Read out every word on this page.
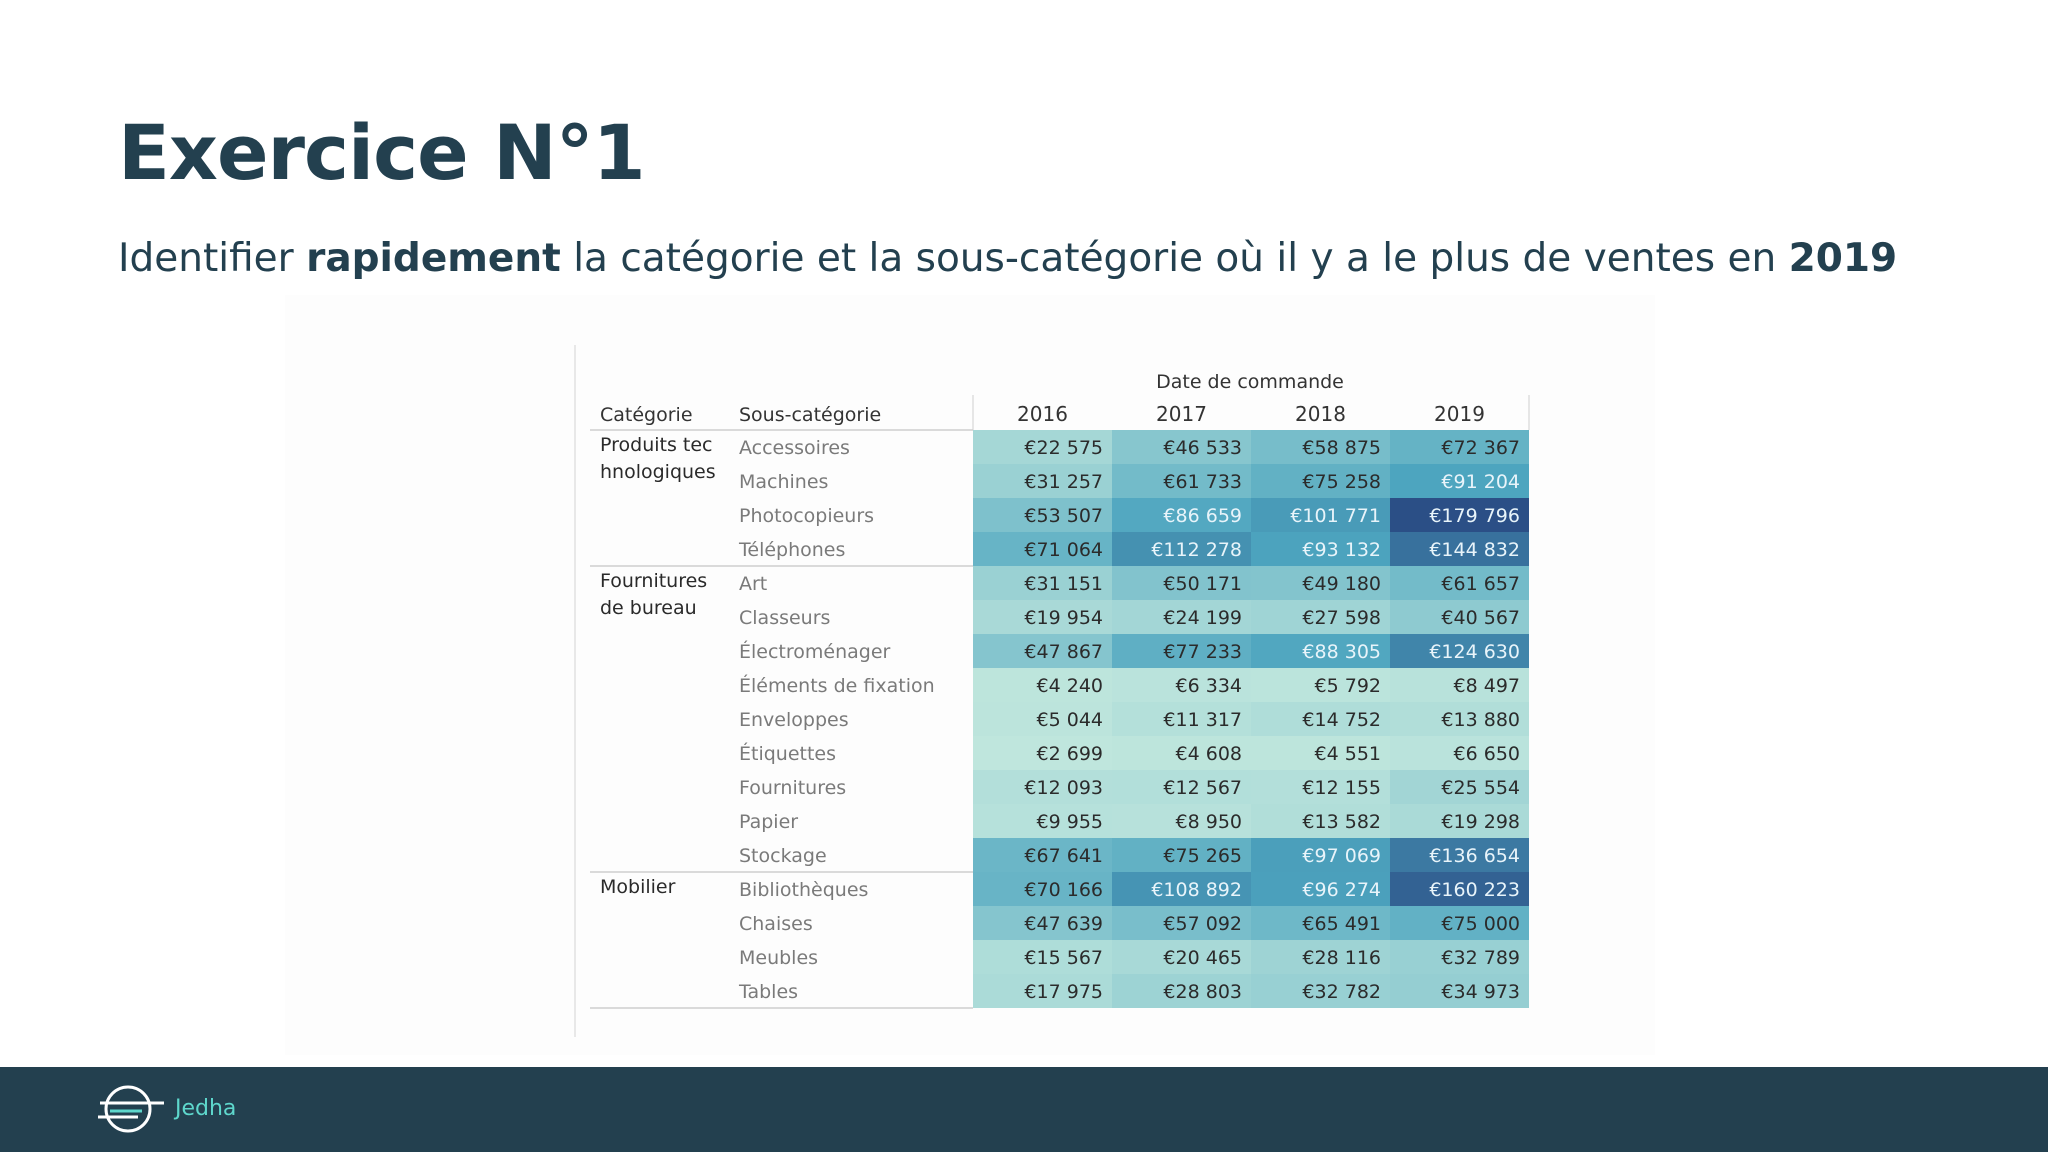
Exercice N°1

Identifier rapidement la catégorie et la sous-catégorie où il y a le plus de ventes en 2019

Date de commande
Catégorie Sous-catégorie	2016	2017	2018	2019
Produits tec
hnologiques
Accessoires	€22 575	€46 533	€58 875	€72 367
Machines	€31 257	€61 733	€75 258	€91 204
Photocopieurs	€53 507	€86 659	€101 771	€179 796
Téléphones	€71 064	€112 278	€93 132	€144 832
Fournitures
de bureau
Art	€31 151	€50 171	€49 180	€61 657
Classeurs	€19 954	€24 199	€27 598	€40 567
Électroménager	€47 867	€77 233	€88 305	€124 630
Éléments de fixation	€4 240	€6 334	€5 792	€8 497
Enveloppes	€5 044	€11 317	€14 752	€13 880
Étiquettes	€2 699	€4 608	€4 551	€6 650
Fournitures	€12 093	€12 567	€12 155	€25 554
Papier	€9 955	€8 950	€13 582	€19 298
Stockage	€67 641	€75 265	€97 069	€136 654
Mobilier	Bibliothèques	€70 166	€108 892	€96 274	€160 223
Chaises	€47 639	€57 092	€65 491	€75 000
Meubles	€15 567	€20 465	€28 116	€32 789
Tables	€17 975	€28 803	€32 782	€34 973
Jedha
